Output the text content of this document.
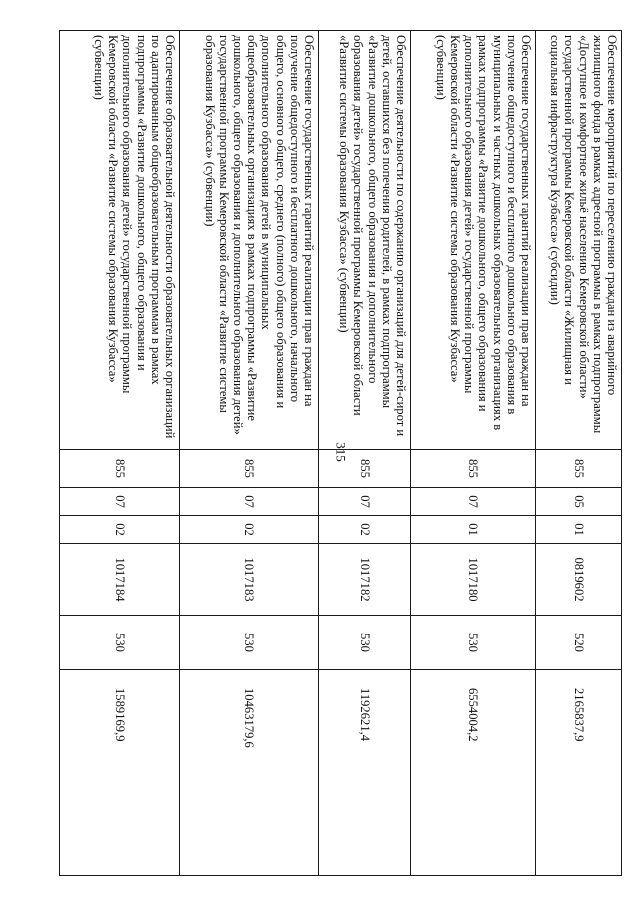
315
Обеспечение мероприятий по переселению граждан из аварийного жилищного фонда в рамках адресной программы в рамках подпрограммы «Доступное и комфортное жильё населению Кемеровской области» государственной программы Кемеровской области «Жилищная и социальная инфраструктура Кузбасса» (субсидии)	855	05	01	0819602	520	2165837,9
Обеспечение государственных гарантий реализации прав граждан на получение общедоступного и бесплатного дошкольного образования в муниципальных и частных дошкольных образовательных организациях в рамках подпрограммы «Развитие дошкольного, общего образования и дополнительного образования детей» государственной программы Кемеровской области «Развитие системы образования Кузбасса» (субвенции)	855	07	01	1017180	530	6554004,2
Обеспечение деятельности по содержанию организаций для детей-сирот и детей, оставшихся без попечения родителей, в рамках подпрограммы «Развитие дошкольного, общего образования и дополнительного образования детей» государственной программы Кемеровской области «Развитие системы образования Кузбасса» (субвенции)	855	07	02	1017182	530	1192621,4
Обеспечение государственных гарантий реализации прав граждан на получение общедоступного и бесплатного дошкольного, начального общего, основного общего, среднего (полного) общего образования и дополнительного образования детей в муниципальных общеобразовательных организациях в рамках подпрограммы «Развитие дошкольного, общего образования и дополнительного образования детей» государственной программы Кемеровской области «Развитие системы образования Кузбасса» (субвенции)	855	07	02	1017183	530	10463179,6
Обеспечение образовательной деятельности образовательных организаций по адаптированным общеобразовательным программам в рамках подпрограммы «Развитие дошкольного, общего образования и дополнительного образования детей» государственной программы Кемеровской области «Развитие системы образования Кузбасса» (субвенции)	855	07	02	1017184	530	1589169,9
